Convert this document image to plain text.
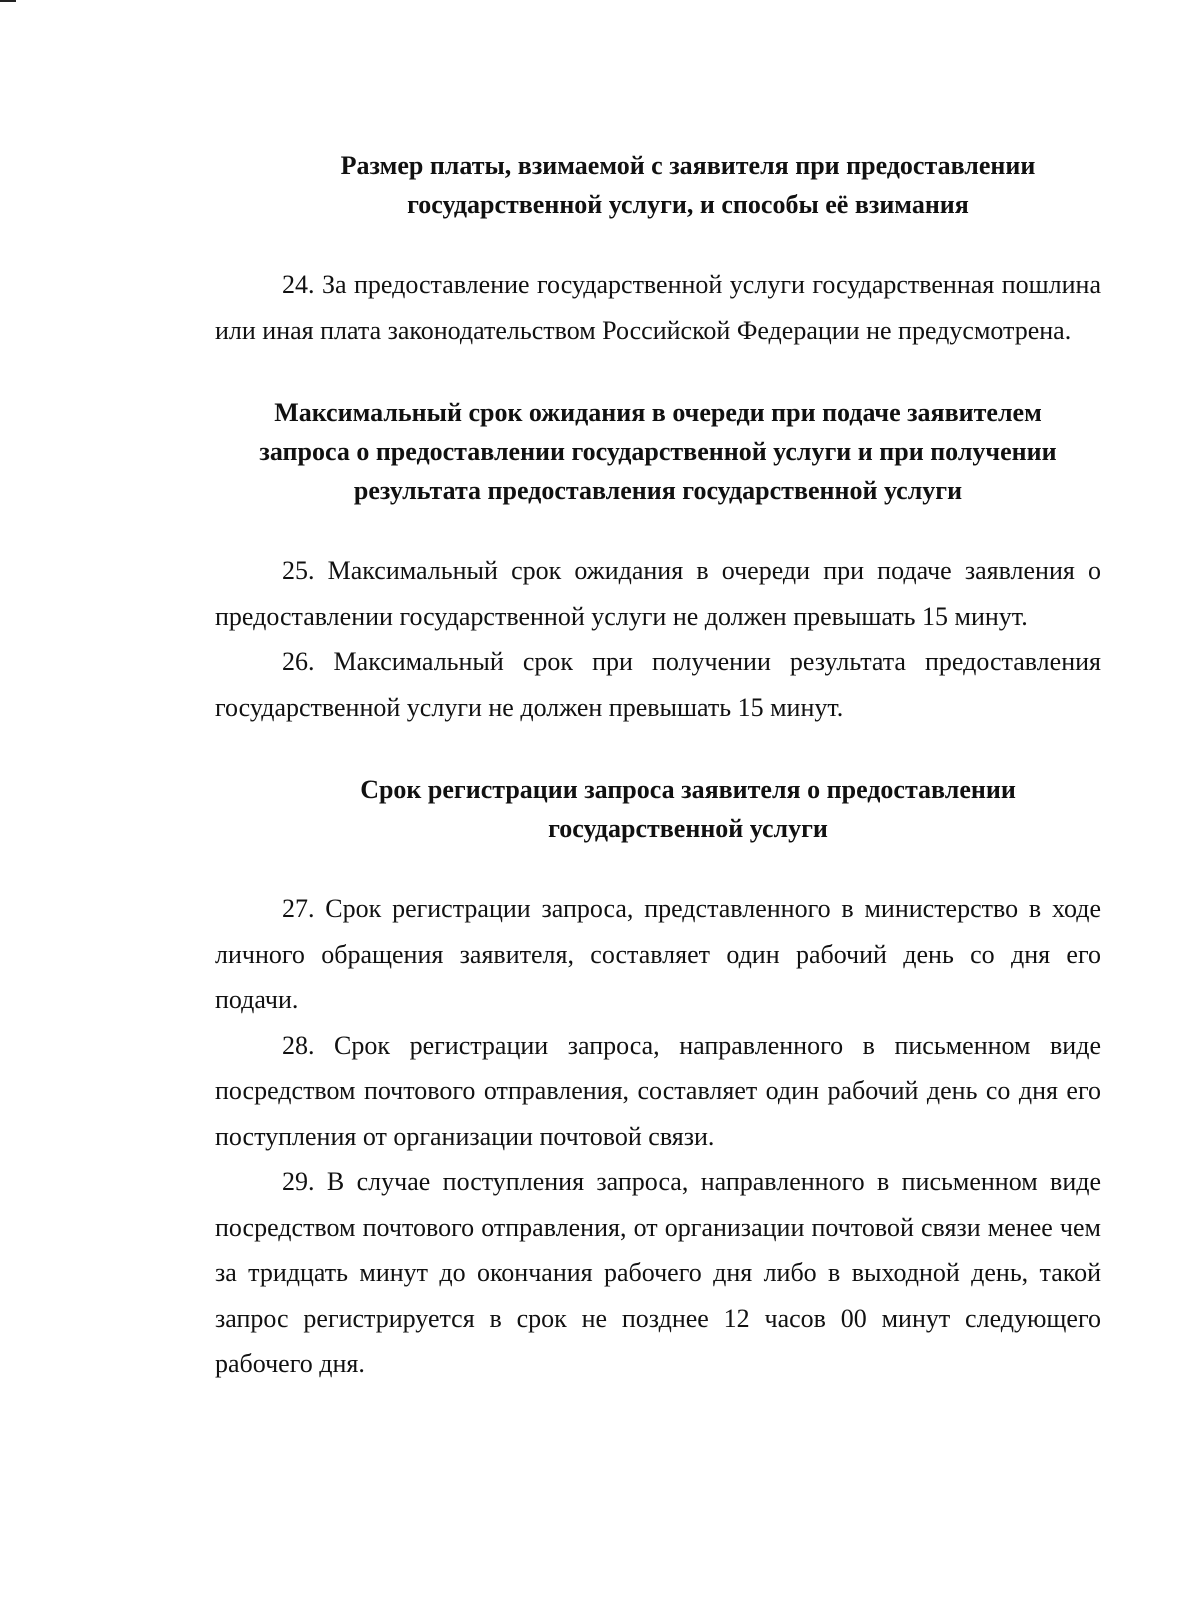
Размер платы, взимаемой с заявителя при предоставлении
государственной услуги, и способы её взимания

24. За предоставление государственной услуги государственная пошлина или иная плата законодательством Российской Федерации не предусмотрена.

Максимальный срок ожидания в очереди при подаче заявителем
запроса о предоставлении государственной услуги и при получении
результата предоставления государственной услуги

25. Максимальный срок ожидания в очереди при подаче заявления о предоставлении государственной услуги не должен превышать 15 минут.

26. Максимальный срок при получении результата предоставления государственной услуги не должен превышать 15 минут.

Срок регистрации запроса заявителя о предоставлении
государственной услуги

27. Срок регистрации запроса, представленного в министерство в ходе личного обращения заявителя, составляет один рабочий день со дня его подачи.

28. Срок регистрации запроса, направленного в письменном виде посредством почтового отправления, составляет один рабочий день со дня его поступления от организации почтовой связи.

29. В случае поступления запроса, направленного в письменном виде посредством почтового отправления, от организации почтовой связи менее чем за тридцать минут до окончания рабочего дня либо в выходной день, такой запрос регистрируется в срок не позднее 12 часов 00 минут следующего рабочего дня.
